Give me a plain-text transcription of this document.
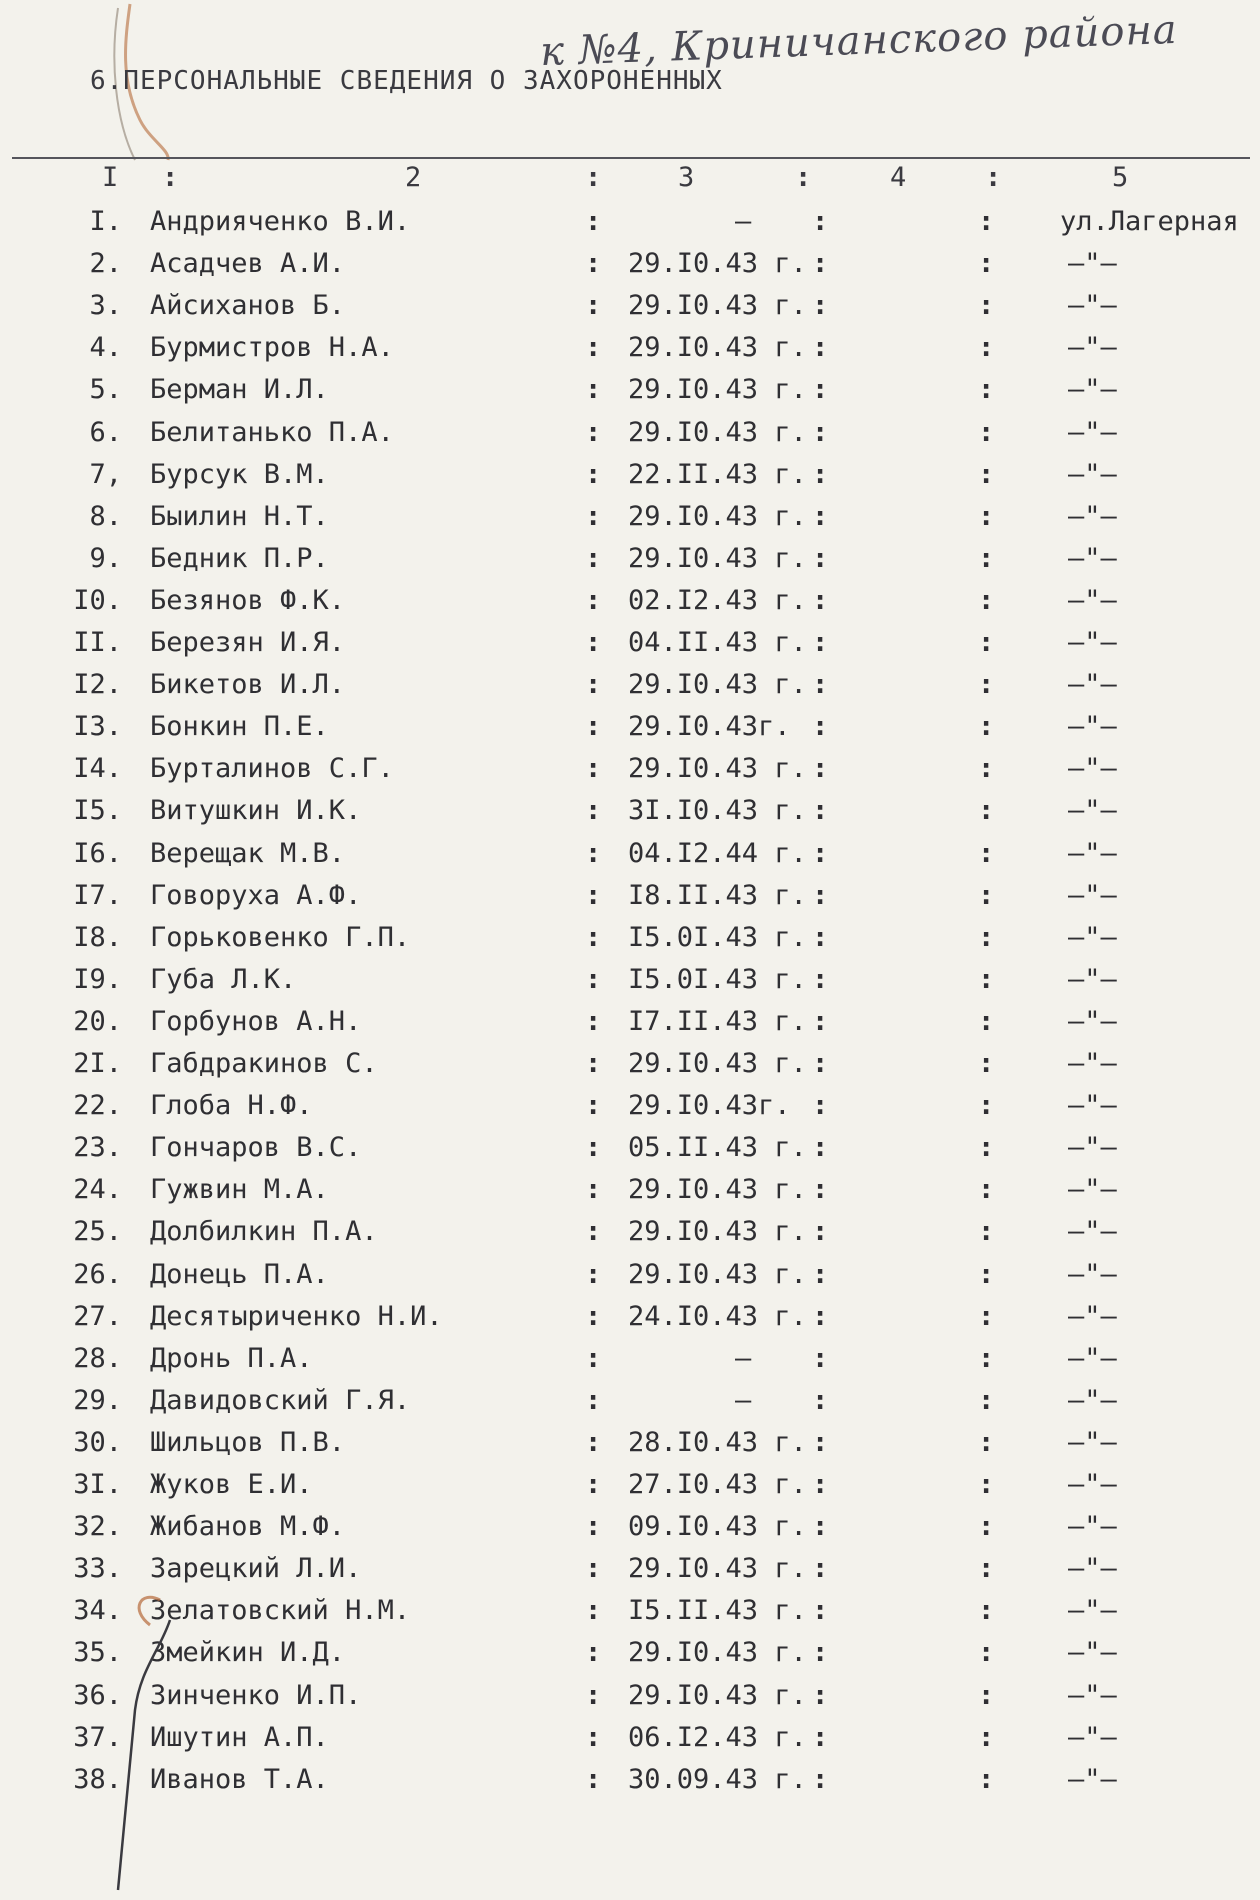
к №4, Криничанского района
6.ПЕРСОНАЛЬНЫЕ СВЕДЕНИЯ О ЗАХОРОНЕННЫХ
I :	2	:	3	:	4	:	5
I. Андрияченко В.И.	:	– :	: ул.Лагерная
2. Асадчев А.И.	: 29.I0.43 г. :	:	–"–
3. Айсиханов Б.	: 29.I0.43 г. :	:	–"–
4. Бурмистров Н.А.	: 29.I0.43 г. :	:	–"–
5. Берман И.Л.	: 29.I0.43 г. :	:	–"–
6. Белитанько П.А.	: 29.I0.43 г. :	:	–"–
7, Бурсук В.М.	: 22.II.43 г. :	:	–"–
8. Быилин Н.Т.	: 29.I0.43 г. :	:	–"–
9. Бедник П.Р.	: 29.I0.43 г. :	:	–"–
I0. Безянов Ф.К.	: 02.I2.43 г. :	:	–"–
II. Березян И.Я.	: 04.II.43 г. :	:	–"–
I2. Бикетов И.Л.	: 29.I0.43 г. :	:	–"–
I3. Бонкин П.Е.	: 29.I0.43г. :	:	–"–
I4. Бурталинов С.Г.	: 29.I0.43 г. :	:	–"–
I5. Витушкин И.К.	: 3I.I0.43 г. :	:	–"–
I6. Верещак М.В.	: 04.I2.44 г. :	:	–"–
I7. Говоруха А.Ф.	: I8.II.43 г. :	:	–"–
I8. Горьковенко Г.П.	: I5.0I.43 г. :	:	–"–
I9. Губа Л.К.	: I5.0I.43 г. :	:	–"–
20. Горбунов А.Н.	: I7.II.43 г. :	:	–"–
2I. Габдракинов С.	: 29.I0.43 г. :	:	–"–
22. Глоба Н.Ф.	: 29.I0.43г. :	:	–"–
23. Гончаров В.С.	: 05.II.43 г. :	:	–"–
24. Гужвин М.А.	: 29.I0.43 г. :	:	–"–
25. Долбилкин П.А.	: 29.I0.43 г. :	:	–"–
26. Донець П.А.	: 29.I0.43 г. :	:	–"–
27. Десятыриченко Н.И.	: 24.I0.43 г. :	:	–"–
28. Дронь П.А.	:	– :	:	–"–
29. Давидовский Г.Я.	:	– :	:	–"–
30. Шильцов П.В.	: 28.I0.43 г. :	:	–"–
3I. Жуков Е.И.	: 27.I0.43 г. :	:	–"–
32. Жибанов М.Ф.	: 09.I0.43 г. :	:	–"–
33. Зарецкий Л.И.	: 29.I0.43 г. :	:	–"–
34. Зелатовский Н.М.	: I5.II.43 г. :	:	–"–
35. Змейкин И.Д.	: 29.I0.43 г. :	:	–"–
36. Зинченко И.П.	: 29.I0.43 г. :	:	–"–
37. Ишутин А.П.	: 06.I2.43 г. :	:	–"–
38. Иванов Т.А.	: 30.09.43 г. :	:	–"–
